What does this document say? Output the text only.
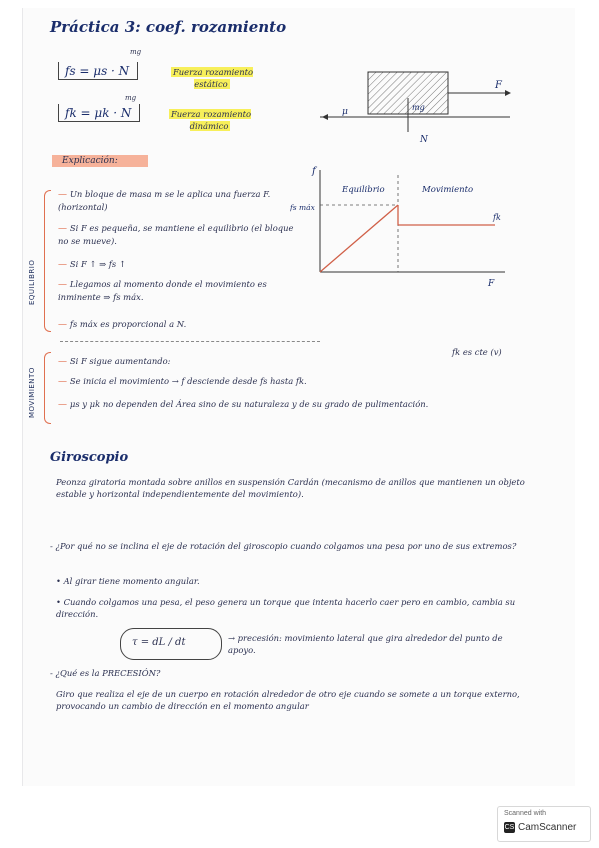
Práctica 3: coef. rozamiento
mg
fs = μs · N	Fuerza rozamiento estático
mg
fk = μk · N	Fuerza rozamiento dinámico
F
μ	mg
N
Explicación:
f
F
Equilibrio	Movimiento
fs máx
fk
EQUILIBRIO
— Un bloque de masa m se le aplica una fuerza F. (horizontal)
— Si F es pequeña, se mantiene el equilibrio (el bloque no se mueve).
— Si F ↑ ⇒ fs ↑
— Llegamos al momento donde el movimiento es inminente ⇒ fs máx.
— fs máx es proporcional a N.
fk es cte (v)
MOVIMIENTO
— Si F sigue aumentando:
— Se inicia el movimiento → f desciende desde fs hasta fk.
— μs y μk no dependen del Área sino de su naturaleza y de su grado de pulimentación.
Giroscopio
Peonza giratoria montada sobre anillos en suspensión Cardán (mecanismo de anillos que mantienen un objeto estable y horizontal independientemente del movimiento).
- ¿Por qué no se inclina el eje de rotación del giroscopio cuando colgamos una pesa por uno de sus extremos?
• Al girar tiene momento angular.
• Cuando colgamos una pesa, el peso genera un torque que intenta hacerlo caer pero en cambio, cambia su dirección.
τ = dL / dt	→ precesión: movimiento lateral que gira alrededor del punto de apoyo.
- ¿Qué es la PRECESIÓN?
Giro que realiza el eje de un cuerpo en rotación alrededor de otro eje cuando se somete a un torque externo, provocando un cambio de dirección en el momento angular
Scanned with
CS CamScanner
